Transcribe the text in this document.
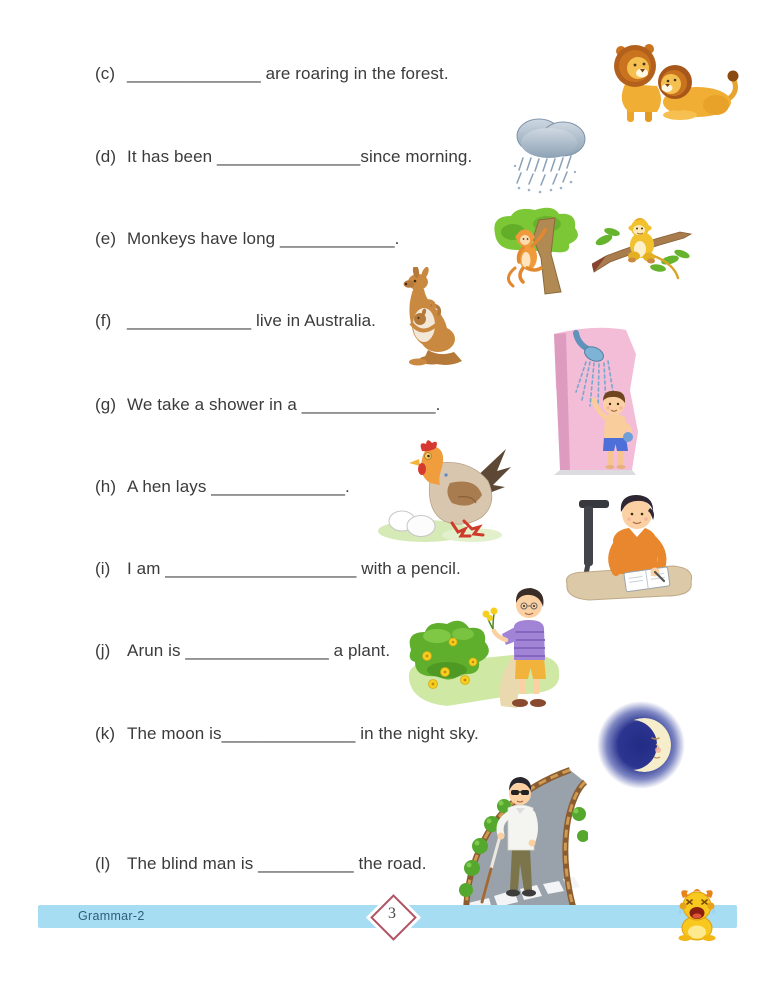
(c) ______________ are roaring in the forest.
(d) It has been _______________since morning.
(e) Monkeys have long ____________.
(f) _____________ live in Australia.
(g) We take a shower in a ______________.
(h) A hen lays ______________.
(i) I am ____________________ with a pencil.
(j) Arun is _______________ a plant.
(k) The moon is______________ in the night sky.
(l) The blind man is __________ the road.
Grammar-2	3
